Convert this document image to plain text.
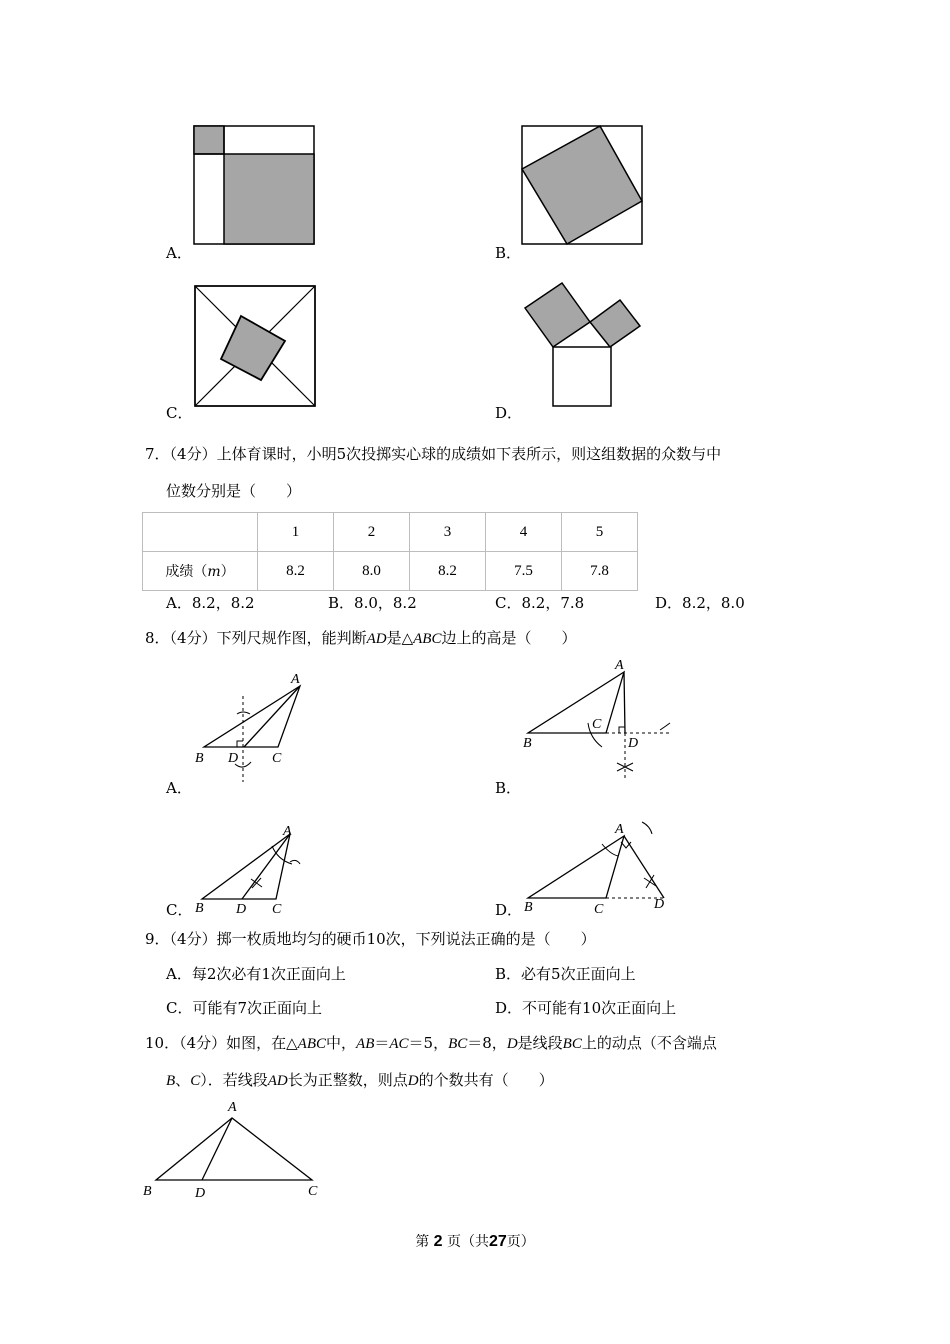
A．	B．
C．	D．
7．（4分）上体育课时，小明5次投掷实心球的成绩如下表所示，则这组数据的众数与中
位数分别是（　　）
	1	2	3	4	5
成绩（m）	8.2	8.0	8.2	7.5	7.8
A．8.2，8.2	B．8.0，8.2	C．8.2，7.8	D．8.2，8.0
8．（4分）下列尺规作图，能判断AD是△ABC边上的高是（　　）
A
B D C
A．
A
B
C
D
B．
A
B D C
C．
A
B	C	D
D．
9．（4分）掷一枚质地均匀的硬币10次，下列说法正确的是（　　）
A．每2次必有1次正面向上	B．必有5次正面向上
C．可能有7次正面向上	D．不可能有10次正面向上
10．（4分）如图，在△ABC中，AB＝AC＝5，BC＝8，D是线段BC上的动点（不含端点
B、C）．若线段AD长为正整数，则点D的个数共有（　　）
A
B	D	C
第 2 页（共27页）
